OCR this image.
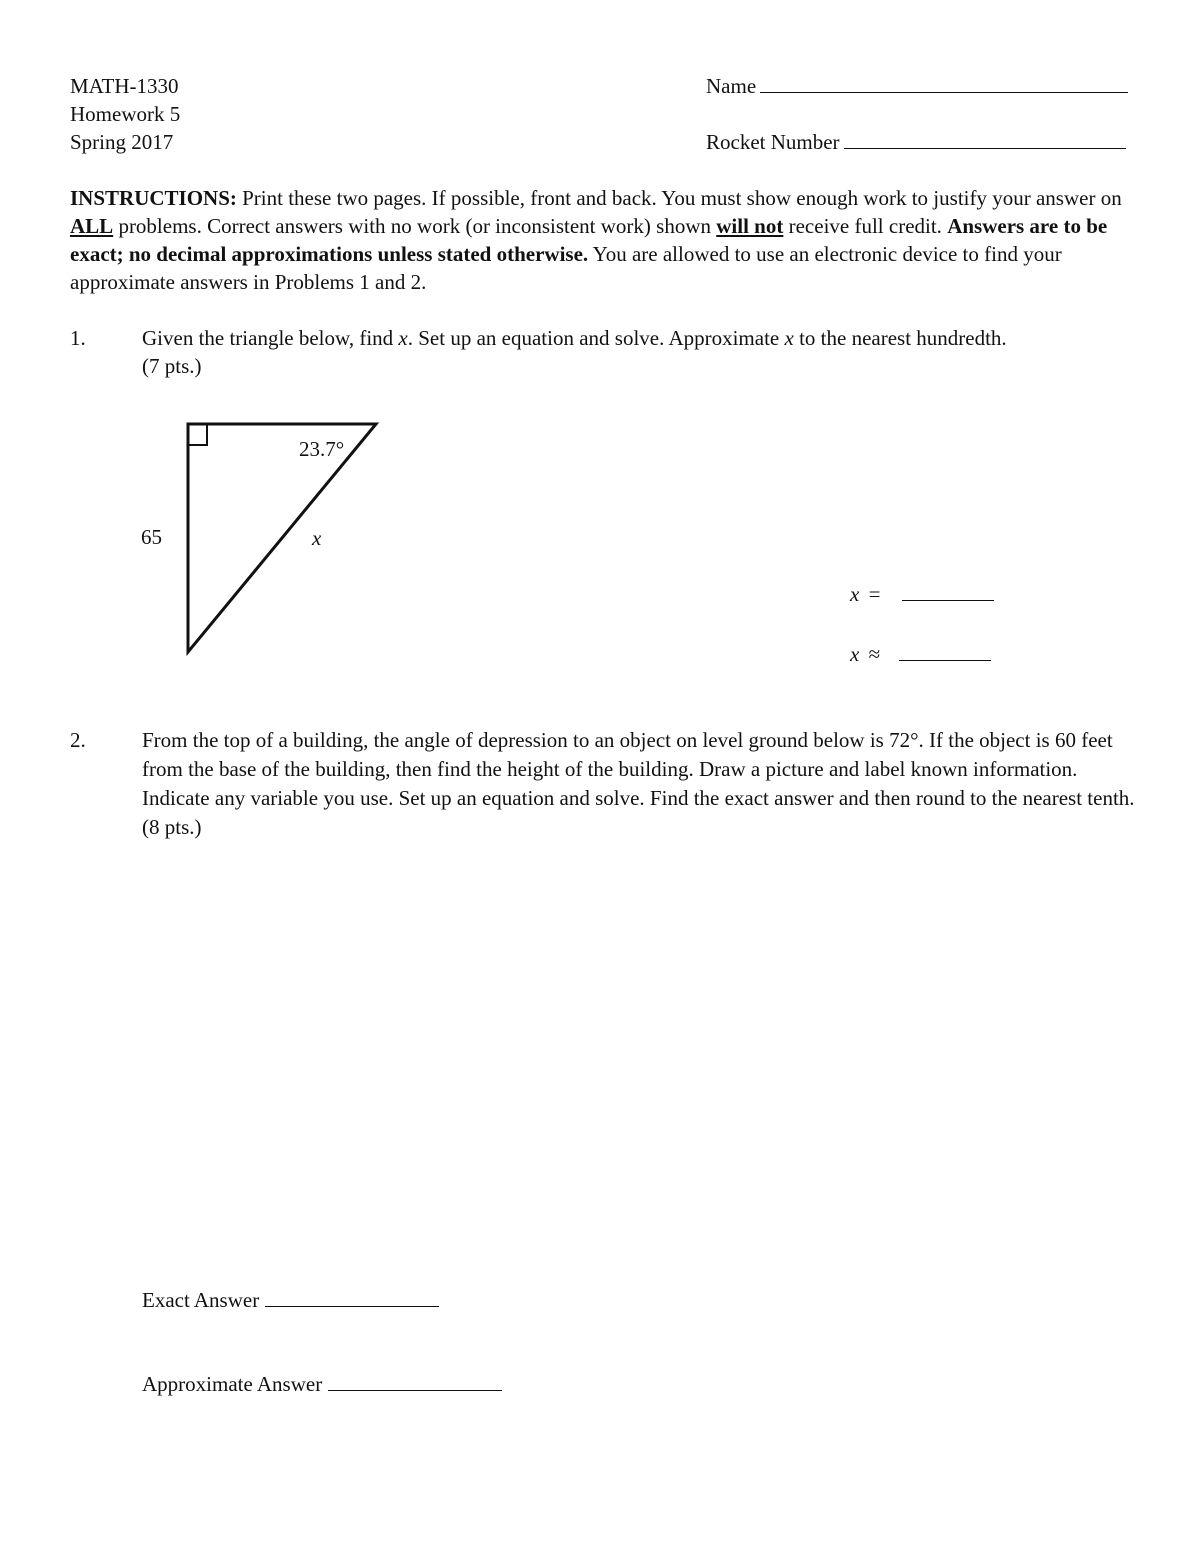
MATH-1330
Homework 5
Spring 2017
Name
Rocket Number
INSTRUCTIONS: Print these two pages. If possible, front and back. You must show enough work to justify your answer on ALL problems. Correct answers with no work (or inconsistent work) shown will not receive full credit. Answers are to be exact; no decimal approximations unless stated otherwise. You are allowed to use an electronic device to find your approximate answers in Problems 1 and 2.
1.	Given the triangle below, find x. Set up an equation and solve. Approximate x to the nearest hundredth.
(7 pts.)
23.7°
65	x
x =
x ≈
2.	From the top of a building, the angle of depression to an object on level ground below is 72°. If the object is 60 feet from the base of the building, then find the height of the building. Draw a picture and label known information. Indicate any variable you use. Set up an equation and solve. Find the exact answer and then round to the nearest tenth. (8 pts.)
Exact Answer
Approximate Answer
